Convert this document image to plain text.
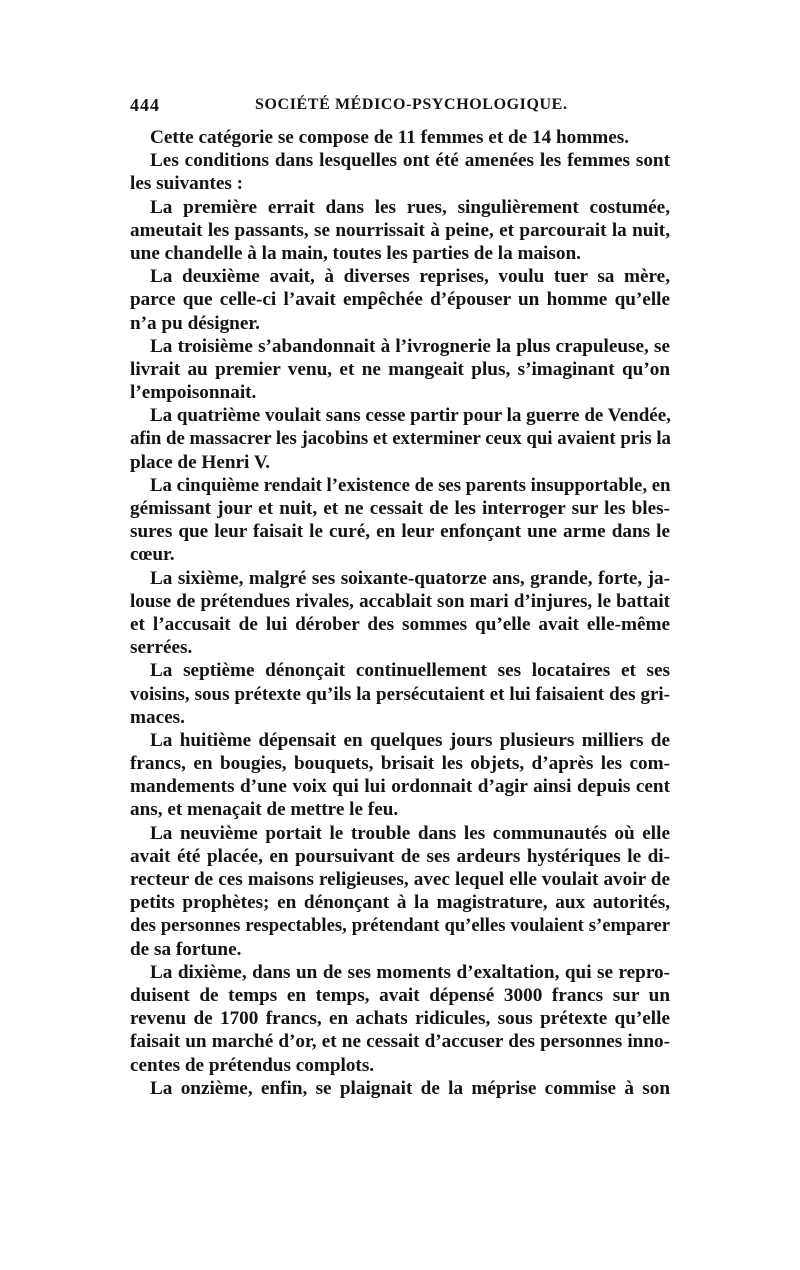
444	SOCIÉTÉ MÉDICO-PSYCHOLOGIQUE.
Cette catégorie se compose de 11 femmes et de 14 hommes.
Les conditions dans lesquelles ont été amenées les femmes sont
les suivantes :
La première errait dans les rues, singulièrement costumée,
ameutait les passants, se nourrissait à peine, et parcourait la nuit,
une chandelle à la main, toutes les parties de la maison.
La deuxième avait, à diverses reprises, voulu tuer sa mère,
parce que celle-ci l’avait empêchée d’épouser un homme qu’elle
n’a pu désigner.
La troisième s’abandonnait à l’ivrognerie la plus crapuleuse, se
livrait au premier venu, et ne mangeait plus, s’imaginant qu’on
l’empoisonnait.
La quatrième voulait sans cesse partir pour la guerre de Vendée,
afin de massacrer les jacobins et exterminer ceux qui avaient pris la
place de Henri V.
La cinquième rendait l’existence de ses parents insupportable, en
gémissant jour et nuit, et ne cessait de les interroger sur les bles-
sures que leur faisait le curé, en leur enfonçant une arme dans le
cœur.
La sixième, malgré ses soixante-quatorze ans, grande, forte, ja-
louse de prétendues rivales, accablait son mari d’injures, le battait
et l’accusait de lui dérober des sommes qu’elle avait elle-même
serrées.
La septième dénonçait continuellement ses locataires et ses
voisins, sous prétexte qu’ils la persécutaient et lui faisaient des gri-
maces.
La huitième dépensait en quelques jours plusieurs milliers de
francs, en bougies, bouquets, brisait les objets, d’après les com-
mandements d’une voix qui lui ordonnait d’agir ainsi depuis cent
ans, et menaçait de mettre le feu.
La neuvième portait le trouble dans les communautés où elle
avait été placée, en poursuivant de ses ardeurs hystériques le di-
recteur de ces maisons religieuses, avec lequel elle voulait avoir de
petits prophètes; en dénonçant à la magistrature, aux autorités,
des personnes respectables, prétendant qu’elles voulaient s’emparer
de sa fortune.
La dixième, dans un de ses moments d’exaltation, qui se repro-
duisent de temps en temps, avait dépensé 3000 francs sur un
revenu de 1700 francs, en achats ridicules, sous prétexte qu’elle
faisait un marché d’or, et ne cessait d’accuser des personnes inno-
centes de prétendus complots.
La onzième, enfin, se plaignait de la méprise commise à son
